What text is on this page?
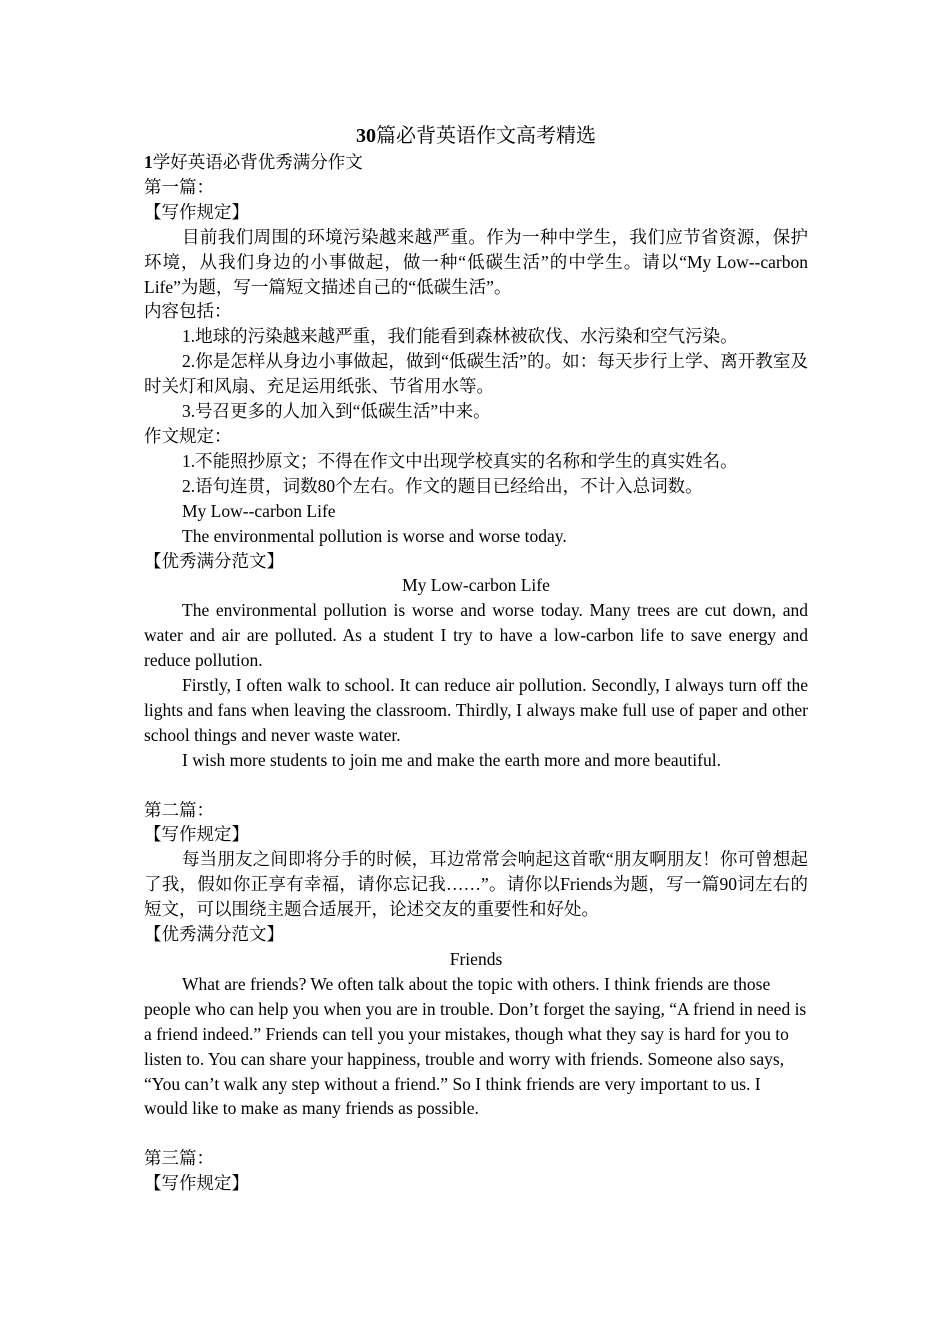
30篇必背英语作文高考精选

1学好英语必背优秀满分作文

第一篇：

【写作规定】

目前我们周围的环境污染越来越严重。作为一种中学生，我们应节省资源，保护环境，从我们身边的小事做起，做一种“低碳生活”的中学生。请以“My Low--carbon Life”为题，写一篇短文描述自己的“低碳生活”。

内容包括：

1.地球的污染越来越严重，我们能看到森林被砍伐、水污染和空气污染。

2.你是怎样从身边小事做起，做到“低碳生活”的。如：每天步行上学、离开教室及时关灯和风扇、充足运用纸张、节省用水等。

3.号召更多的人加入到“低碳生活”中来。

作文规定：

1.不能照抄原文；不得在作文中出现学校真实的名称和学生的真实姓名。

2.语句连贯，词数80个左右。作文的题目已经给出，不计入总词数。

My Low--carbon Life

The environmental pollution is worse and worse today.

【优秀满分范文】

My Low-carbon Life

The environmental pollution is worse and worse today. Many trees are cut down, and water and air are polluted. As a student I try to have a low-carbon life to save energy and reduce pollution.

Firstly, I often walk to school. It can reduce air pollution. Secondly, I always turn off the lights and fans when leaving the classroom. Thirdly, I always make full use of paper and other school things and never waste water.

I wish more students to join me and make the earth more and more beautiful.

第二篇：

【写作规定】

每当朋友之间即将分手的时候，耳边常常会响起这首歌“朋友啊朋友！你可曾想起了我，假如你正享有幸福，请你忘记我……”。请你以Friends为题，写一篇90词左右的短文，可以围绕主题合适展开，论述交友的重要性和好处。

【优秀满分范文】

Friends

What are friends? We often talk about the topic with others. I think friends are those people who can help you when you are in trouble. Don’t forget the saying, “A friend in need is a friend indeed.” Friends can tell you your mistakes, though what they say is hard for you to listen to. You can share your happiness, trouble and worry with friends. Someone also says, “You can’t walk any step without a friend.” So I think friends are very important to us. I would like to make as many friends as possible.

第三篇：

【写作规定】
